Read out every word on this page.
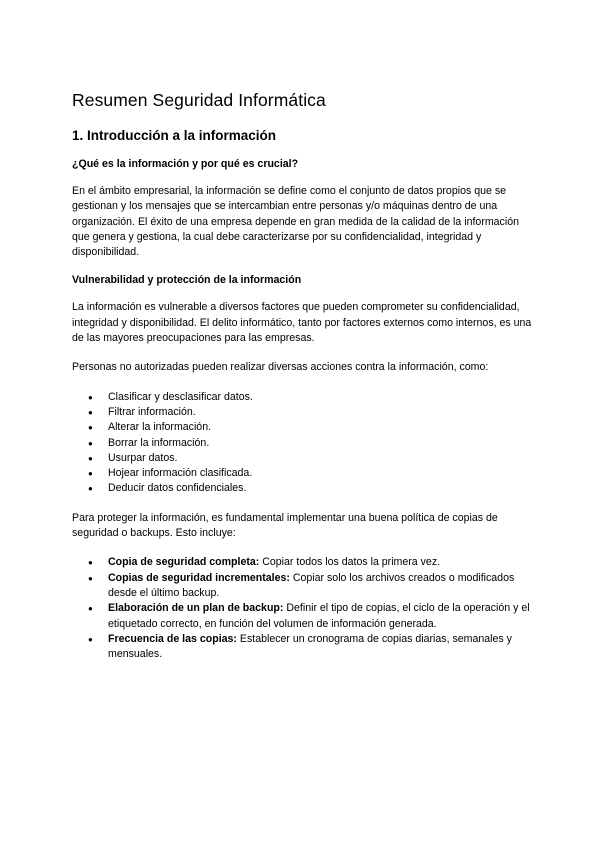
Resumen Seguridad Informática
1. Introducción a la información
¿Qué es la información y por qué es crucial?
En el ámbito empresarial, la información se define como el conjunto de datos propios que se gestionan y los mensajes que se intercambian entre personas y/o máquinas dentro de una organización. El éxito de una empresa depende en gran medida de la calidad de la información que genera y gestiona, la cual debe caracterizarse por su confidencialidad, integridad y disponibilidad.
Vulnerabilidad y protección de la información
La información es vulnerable a diversos factores que pueden comprometer su confidencialidad, integridad y disponibilidad. El delito informático, tanto por factores externos como internos, es una de las mayores preocupaciones para las empresas.
Personas no autorizadas pueden realizar diversas acciones contra la información, como:
● Clasificar y desclasificar datos.
● Filtrar información.
● Alterar la información.
● Borrar la información.
● Usurpar datos.
● Hojear información clasificada.
● Deducir datos confidenciales.
Para proteger la información, es fundamental implementar una buena política de copias de seguridad o backups. Esto incluye:
● Copia de seguridad completa: Copiar todos los datos la primera vez.
● Copias de seguridad incrementales: Copiar solo los archivos creados o modificados desde el último backup.
● Elaboración de un plan de backup: Definir el tipo de copias, el ciclo de la operación y el etiquetado correcto, en función del volumen de información generada.
● Frecuencia de las copias: Establecer un cronograma de copias diarias, semanales y mensuales.
